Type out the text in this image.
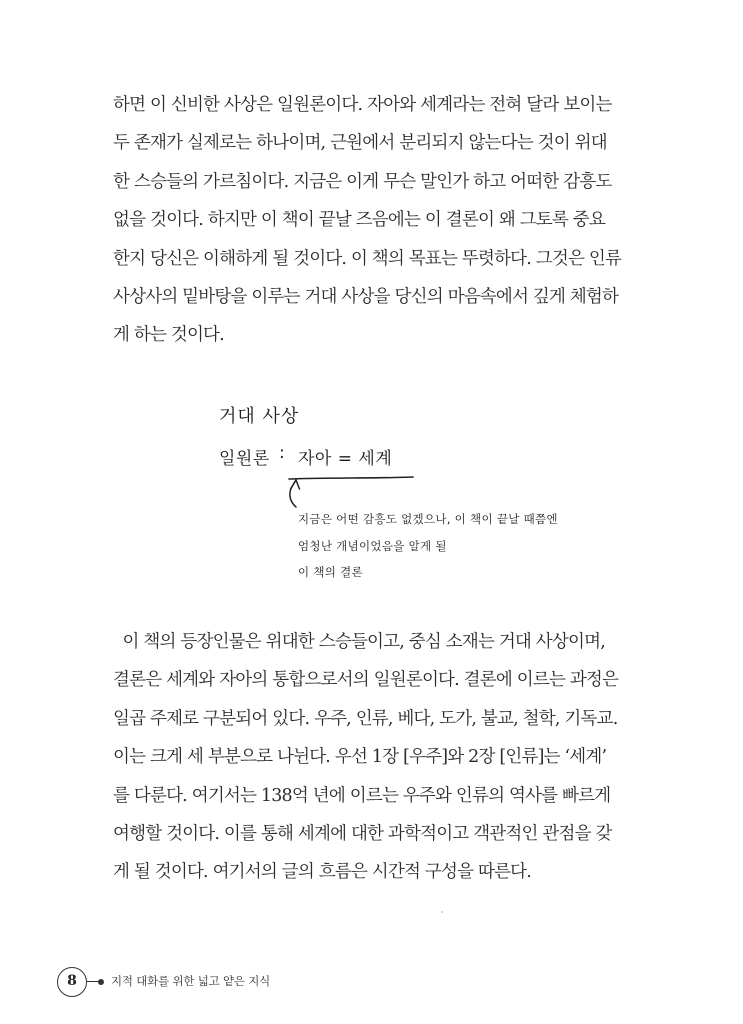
하면 이 신비한 사상은 일원론이다. 자아와 세계라는 전혀 달라 보이는
두 존재가 실제로는 하나이며, 근원에서 분리되지 않는다는 것이 위대
한 스승들의 가르침이다. 지금은 이게 무슨 말인가 하고 어떠한 감흥도
없을 것이다. 하지만 이 책이 끝날 즈음에는 이 결론이 왜 그토록 중요
한지 당신은 이해하게 될 것이다. 이 책의 목표는 뚜렷하다. 그것은 인류
사상사의 밑바탕을 이루는 거대 사상을 당신의 마음속에서 깊게 체험하
게 하는 것이다.

거대 사상
일원론 : 자아 = 세계
지금은 어떤 감흥도 없겠으나, 이 책이 끝날 때쯤엔
엄청난 개념이었음을 알게 될
이 책의 결론

이 책의 등장인물은 위대한 스승들이고, 중심 소재는 거대 사상이며,
결론은 세계와 자아의 통합으로서의 일원론이다. 결론에 이르는 과정은
일곱 주제로 구분되어 있다. 우주, 인류, 베다, 도가, 불교, 철학, 기독교.
이는 크게 세 부분으로 나뉜다. 우선 1장 [우주]와 2장 [인류]는 ‘세계’
를 다룬다. 여기서는 138억 년에 이르는 우주와 인류의 역사를 빠르게
여행할 것이다. 이를 통해 세계에 대한 과학적이고 객관적인 관점을 갖
게 될 것이다. 여기서의 글의 흐름은 시간적 구성을 따른다.

8	지적 대화를 위한 넓고 얕은 지식
